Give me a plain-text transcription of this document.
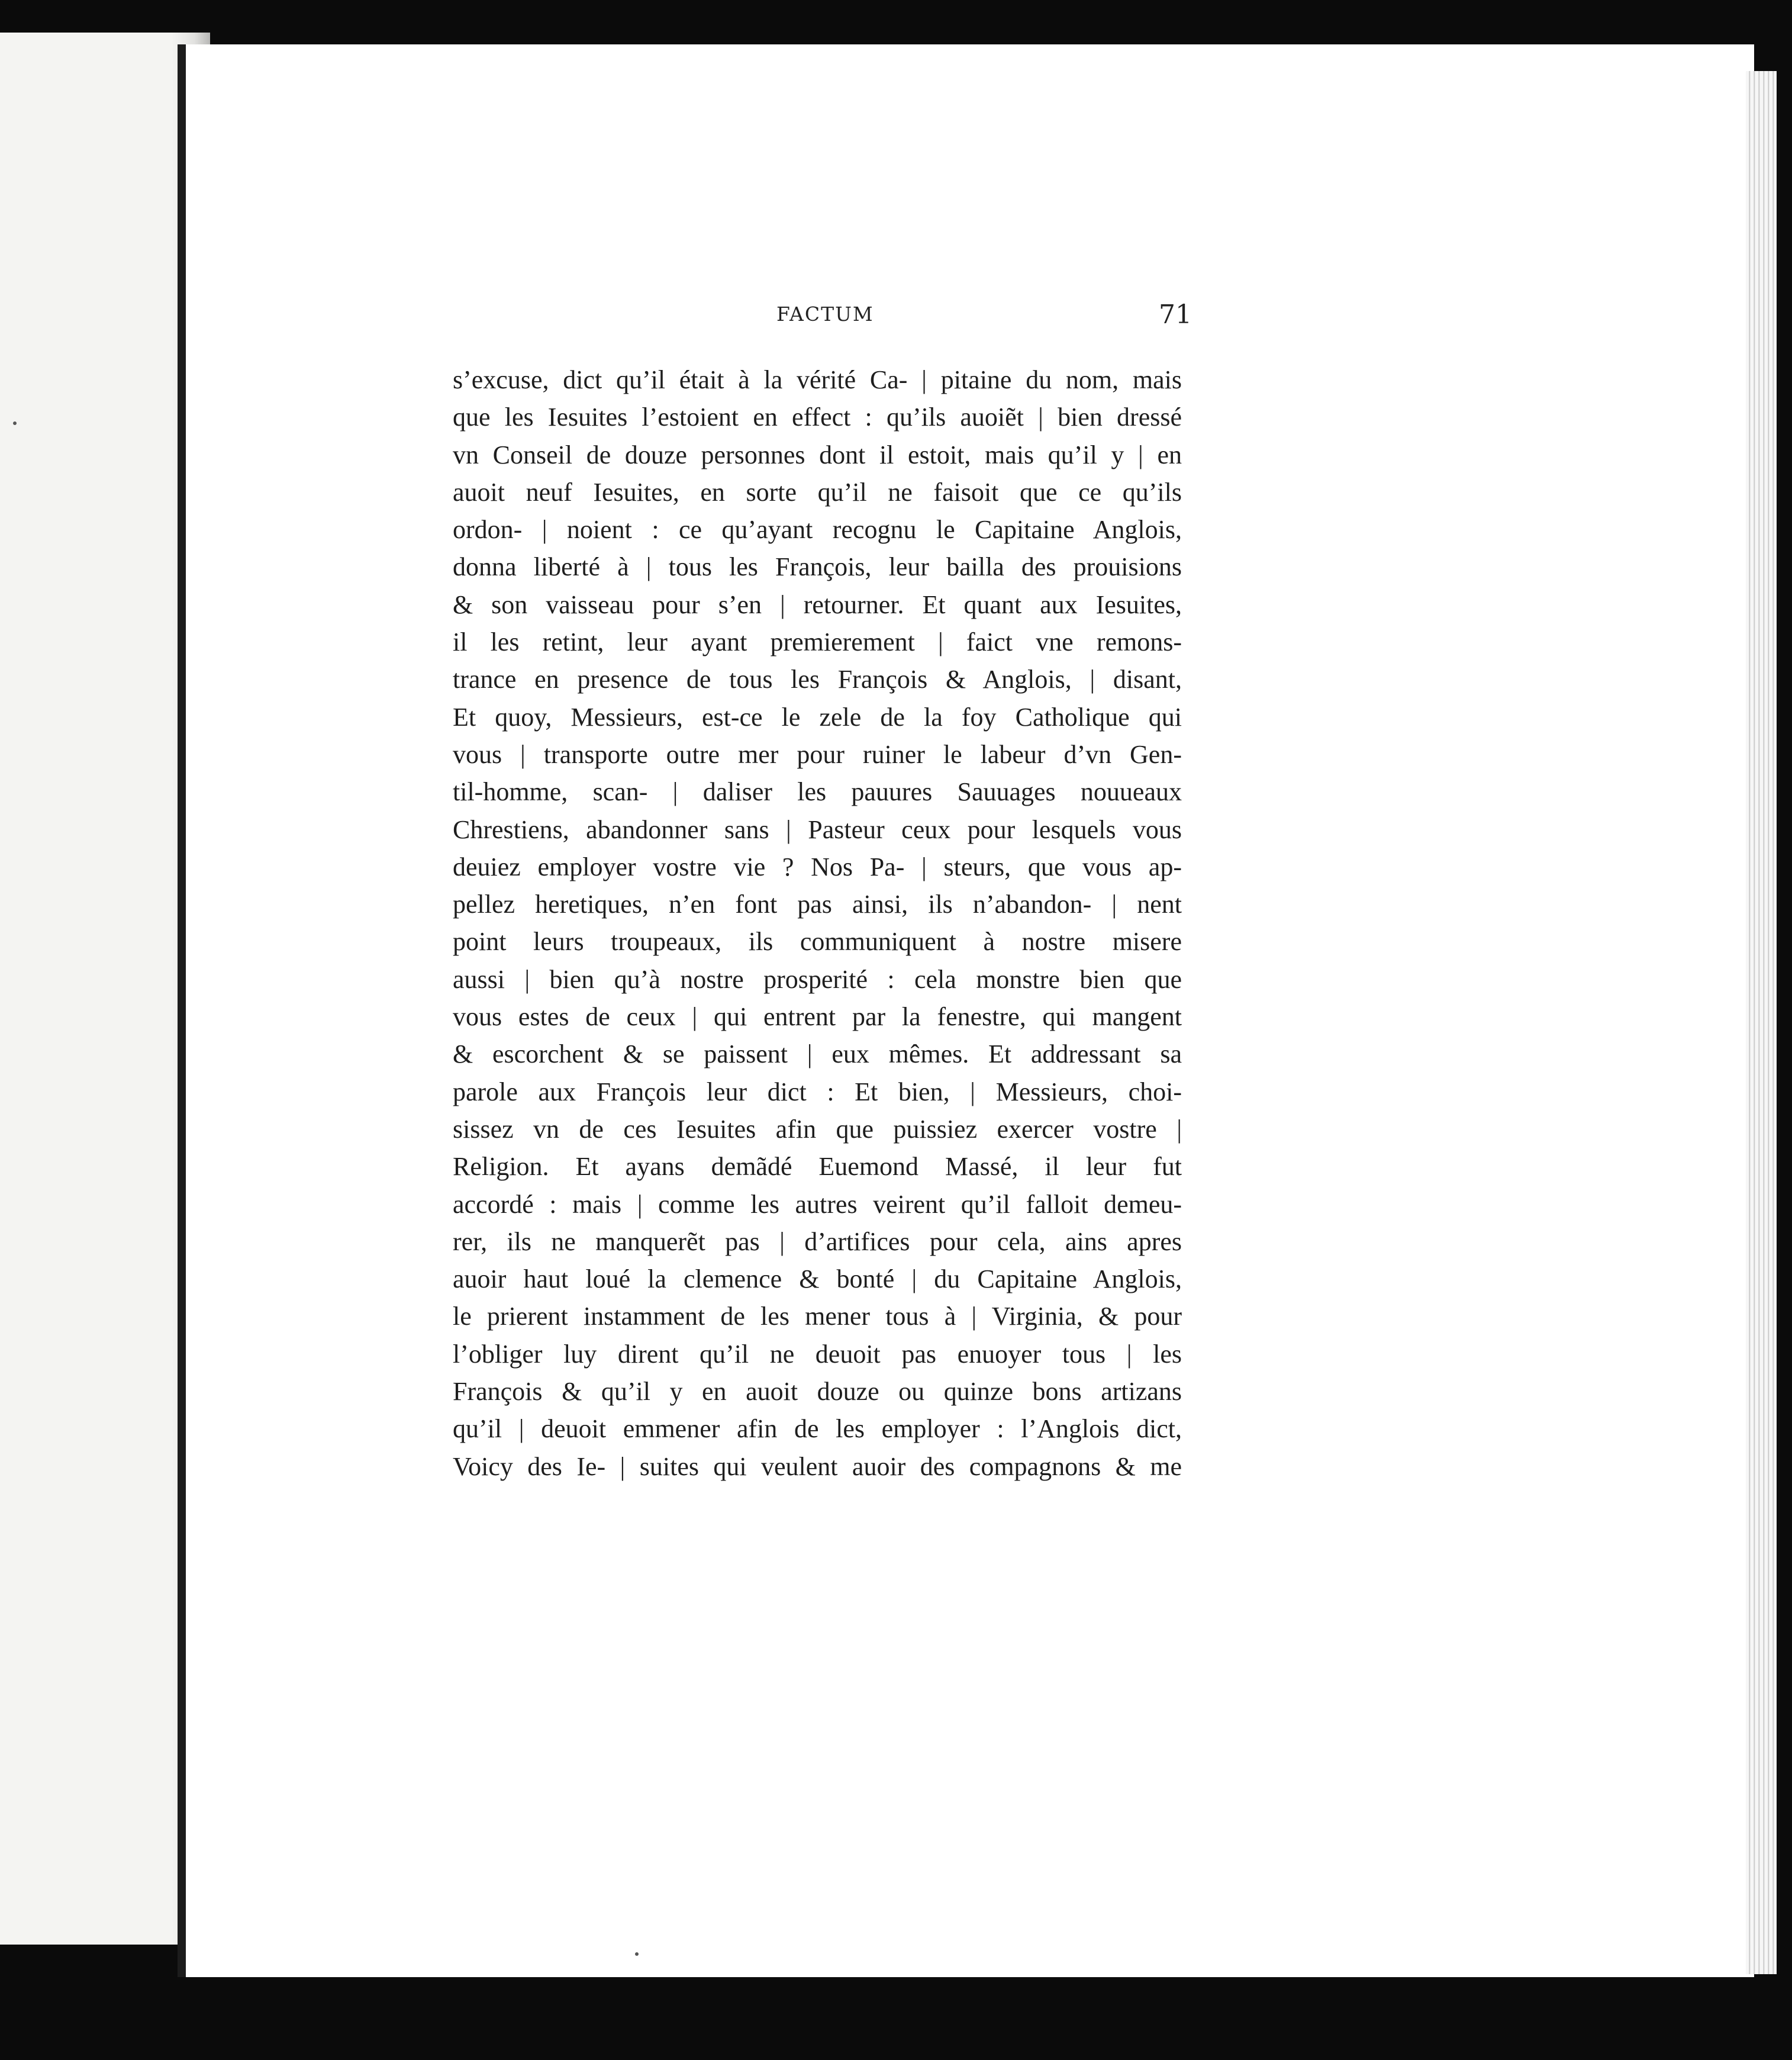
FACTUM	71
s’excuse, dict qu’il était à la vérité Ca- | pitaine du nom, mais
que les Iesuites l’estoient en effect : qu’ils auoiẽt | bien dressé
vn Conseil de douze personnes dont il estoit, mais qu’il y | en
auoit neuf Iesuites, en sorte qu’il ne faisoit que ce qu’ils
ordon- | noient : ce qu’ayant recognu le Capitaine Anglois,
donna liberté à | tous les François, leur bailla des prouisions
& son vaisseau pour s’en | retourner. Et quant aux Iesuites,
il les retint, leur ayant premierement | faict vne remons-
trance en presence de tous les François & Anglois, | disant,
Et quoy, Messieurs, est-ce le zele de la foy Catholique qui
vous | transporte outre mer pour ruiner le labeur d’vn Gen-
til-homme, scan- | daliser les pauures Sauuages nouueaux
Chrestiens, abandonner sans | Pasteur ceux pour lesquels vous
deuiez employer vostre vie ? Nos Pa- | steurs, que vous ap-
pellez heretiques, n’en font pas ainsi, ils n’abandon- | nent
point leurs troupeaux, ils communiquent à nostre misere
aussi | bien qu’à nostre prosperité : cela monstre bien que
vous estes de ceux | qui entrent par la fenestre, qui mangent
& escorchent & se paissent | eux mêmes. Et addressant sa
parole aux François leur dict : Et bien, | Messieurs, choi-
sissez vn de ces Iesuites afin que puissiez exercer vostre |
Religion. Et ayans demãdé Euemond Massé, il leur fut
accordé : mais | comme les autres veirent qu’il falloit demeu-
rer, ils ne manquerẽt pas | d’artifices pour cela, ains apres
auoir haut loué la clemence & bonté | du Capitaine Anglois,
le prierent instamment de les mener tous à | Virginia, & pour
l’obliger luy dirent qu’il ne deuoit pas enuoyer tous | les
François & qu’il y en auoit douze ou quinze bons artizans
qu’il | deuoit emmener afin de les employer : l’Anglois dict,
Voicy des Ie- | suites qui veulent auoir des compagnons & me
